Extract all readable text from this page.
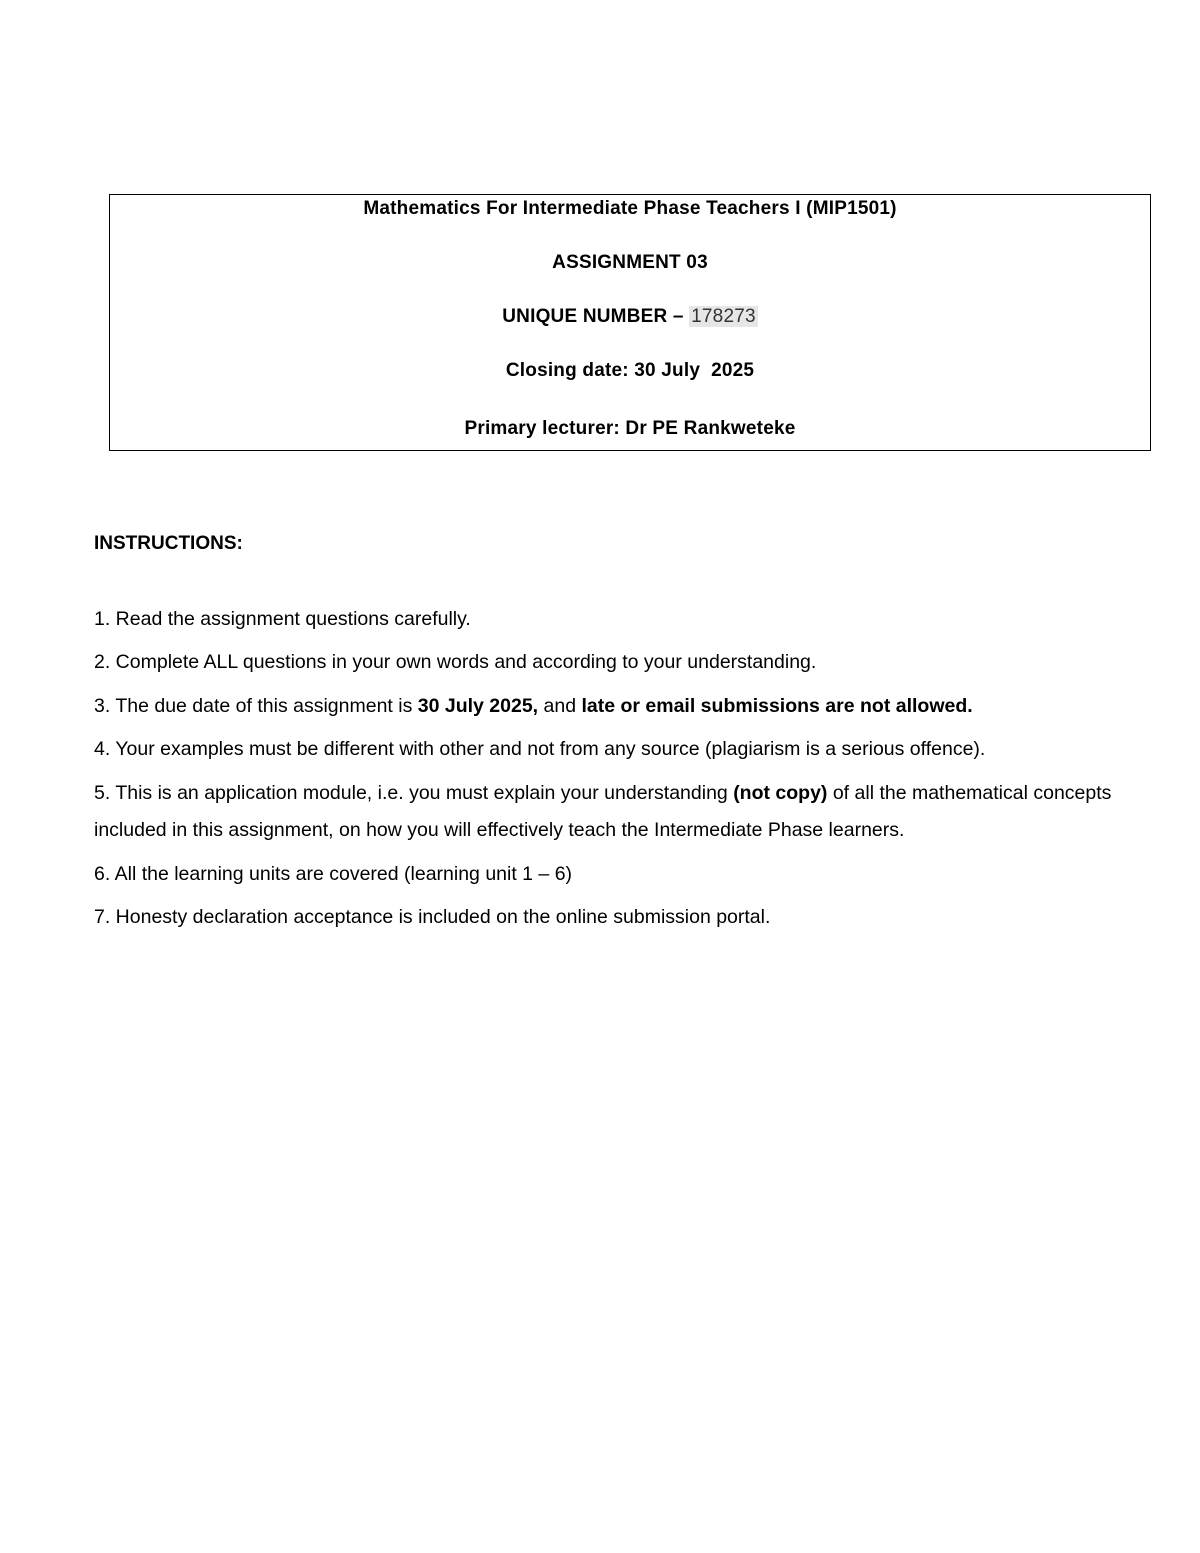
Mathematics For Intermediate Phase Teachers I (MIP1501)
ASSIGNMENT 03
UNIQUE NUMBER – 178273
Closing date: 30 July  2025
Primary lecturer: Dr PE Rankweteke
INSTRUCTIONS:
1. Read the assignment questions carefully.
2. Complete ALL questions in your own words and according to your understanding.
3. The due date of this assignment is 30 July 2025, and late or email submissions are not allowed.
4. Your examples must be different with other and not from any source (plagiarism is a serious offence).
5. This is an application module, i.e. you must explain your understanding (not copy) of all the mathematical concepts included in this assignment, on how you will effectively teach the Intermediate Phase learners.
6. All the learning units are covered (learning unit 1 – 6)
7. Honesty declaration acceptance is included on the online submission portal.
